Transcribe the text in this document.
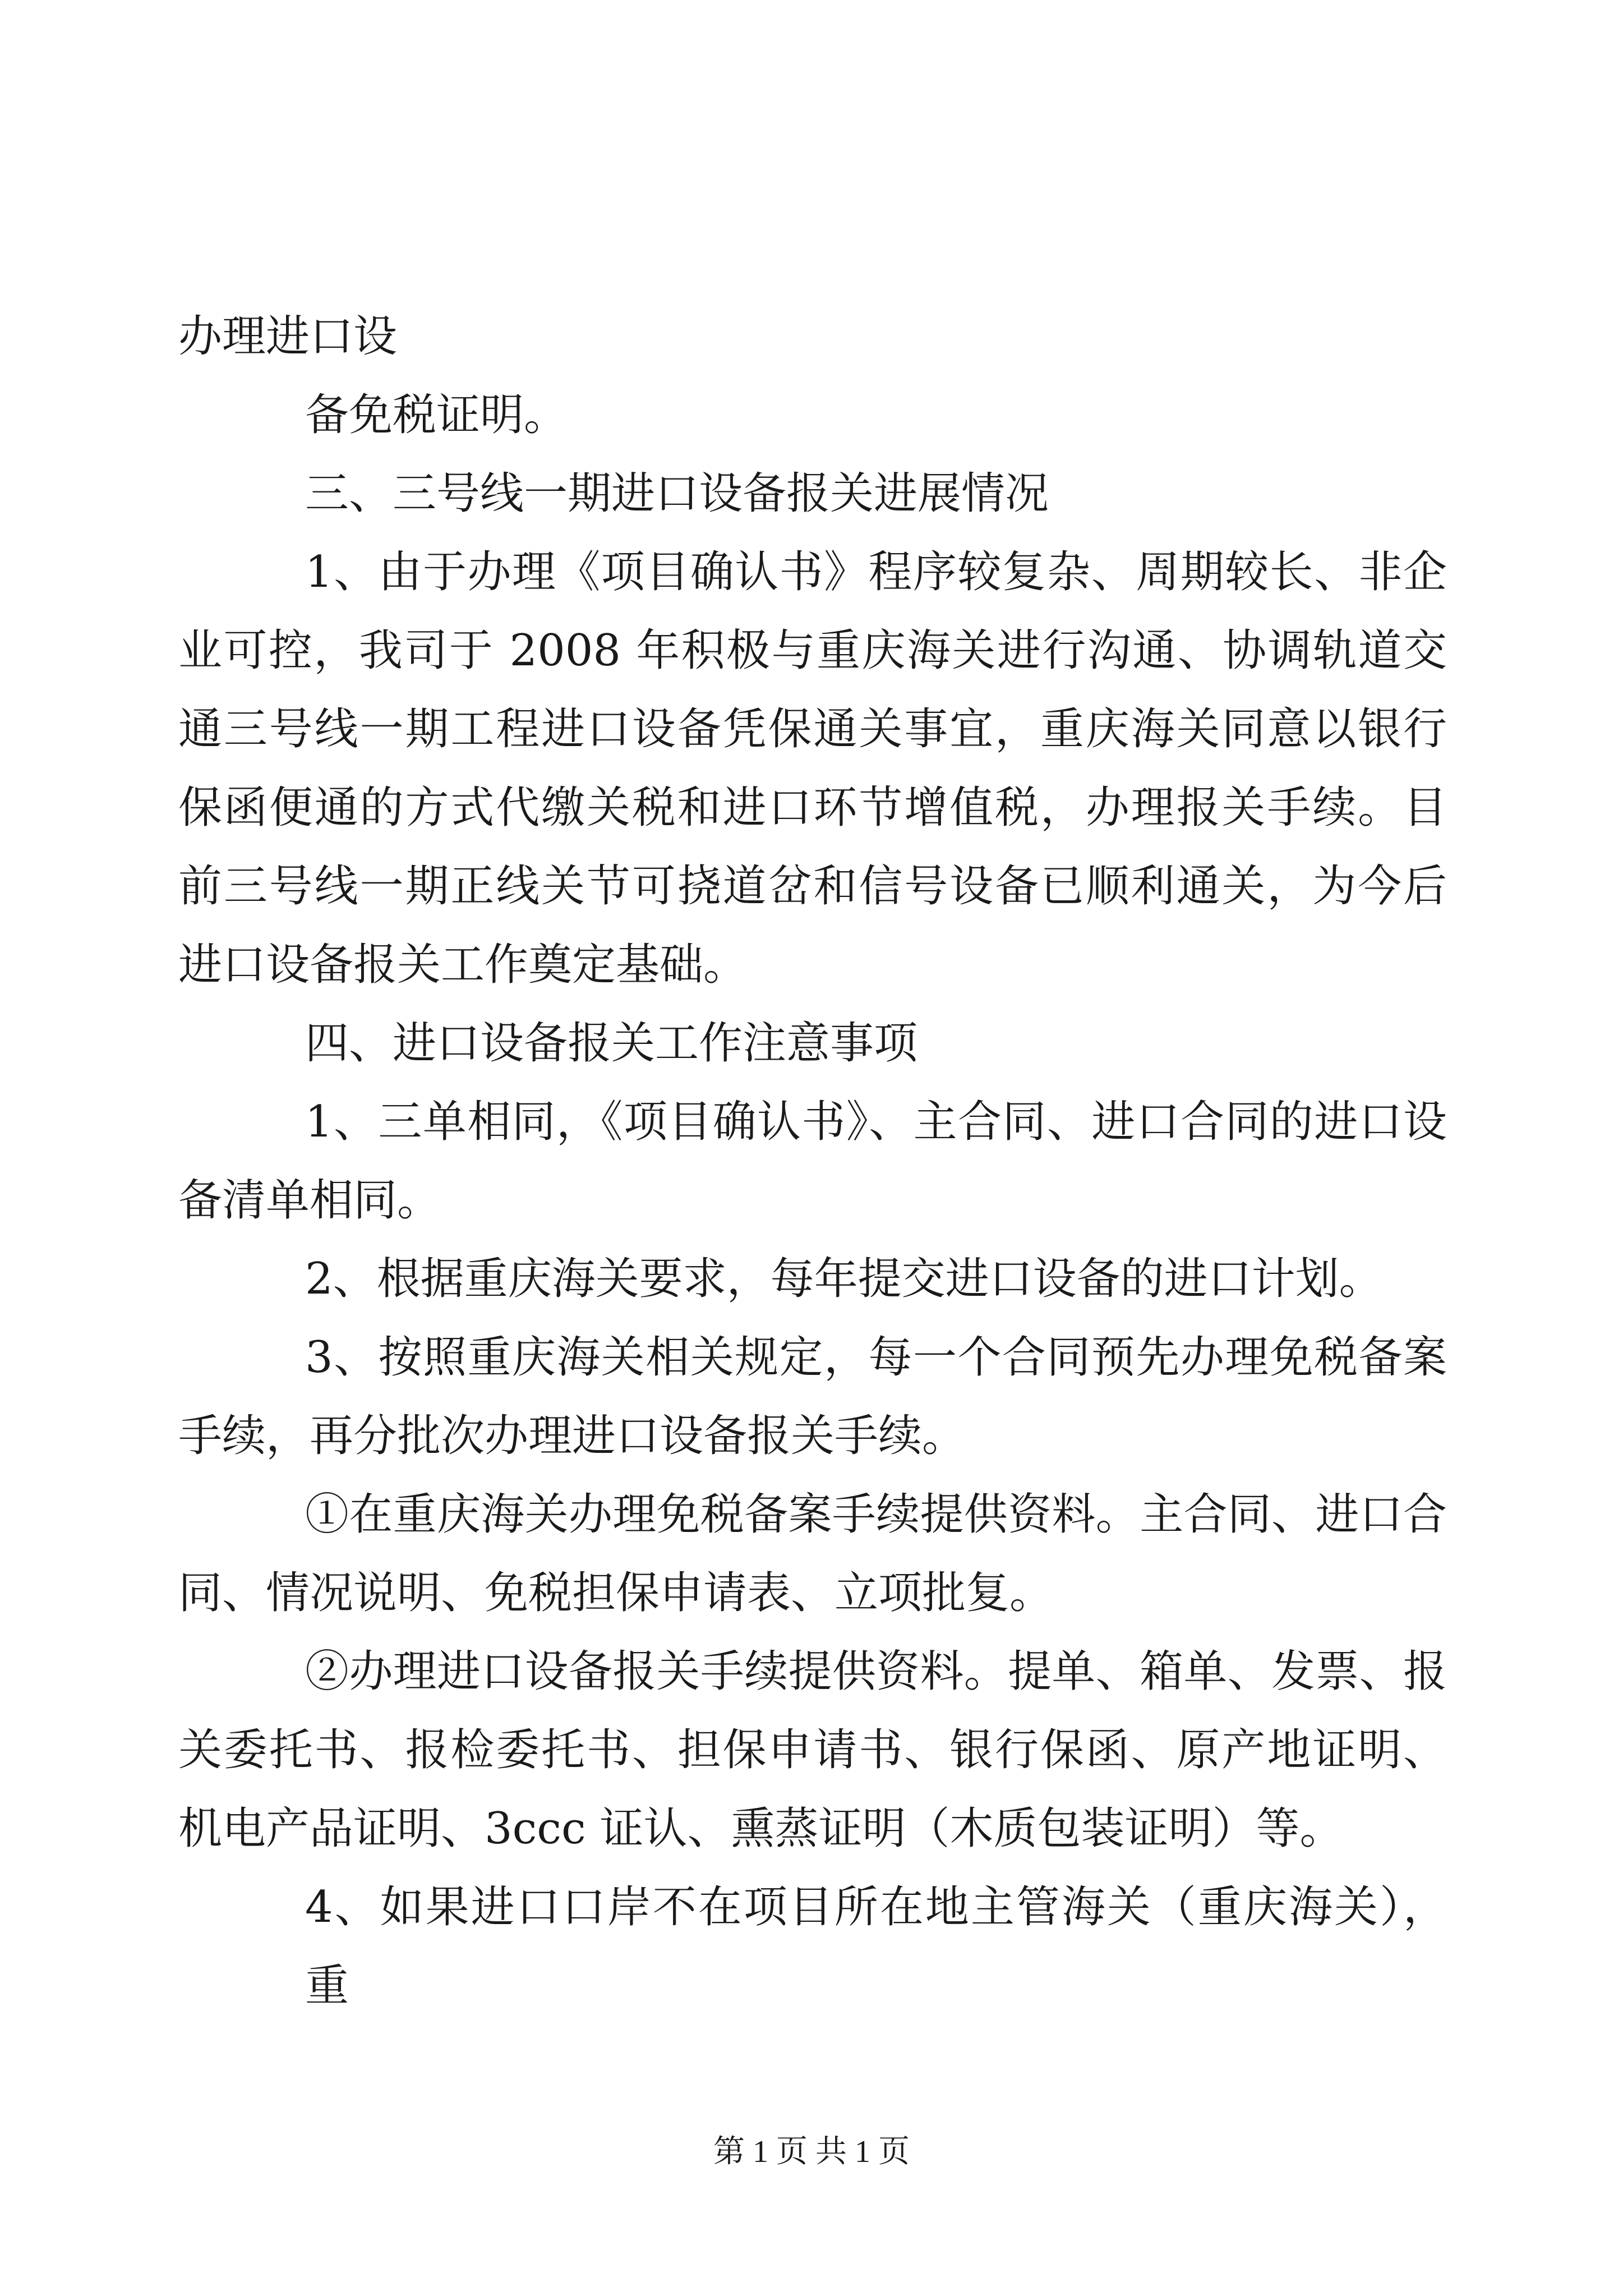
办理进口设
备免税证明。
三、三号线一期进口设备报关进展情况
1、由于办理《项目确认书》程序较复杂、周期较长、非企
业可控，我司于 2008 年积极与重庆海关进行沟通、协调轨道交
通三号线一期工程进口设备凭保通关事宜，重庆海关同意以银行
保函便通的方式代缴关税和进口环节增值税，办理报关手续。目
前三号线一期正线关节可挠道岔和信号设备已顺利通关，为今后
进口设备报关工作奠定基础。
四、进口设备报关工作注意事项
1、三单相同，《项目确认书》、主合同、进口合同的进口设
备清单相同。
2、根据重庆海关要求，每年提交进口设备的进口计划。
3、按照重庆海关相关规定，每一个合同预先办理免税备案
手续，再分批次办理进口设备报关手续。
①在重庆海关办理免税备案手续提供资料。主合同、进口合
同、情况说明、免税担保申请表、立项批复。
②办理进口设备报关手续提供资料。提单、箱单、发票、报
关委托书、报检委托书、担保申请书、银行保函、原产地证明、
机电产品证明、3ccc 证认、熏蒸证明（木质包装证明）等。
4、如果进口口岸不在项目所在地主管海关（重庆海关），重
第 1 页 共 1 页
